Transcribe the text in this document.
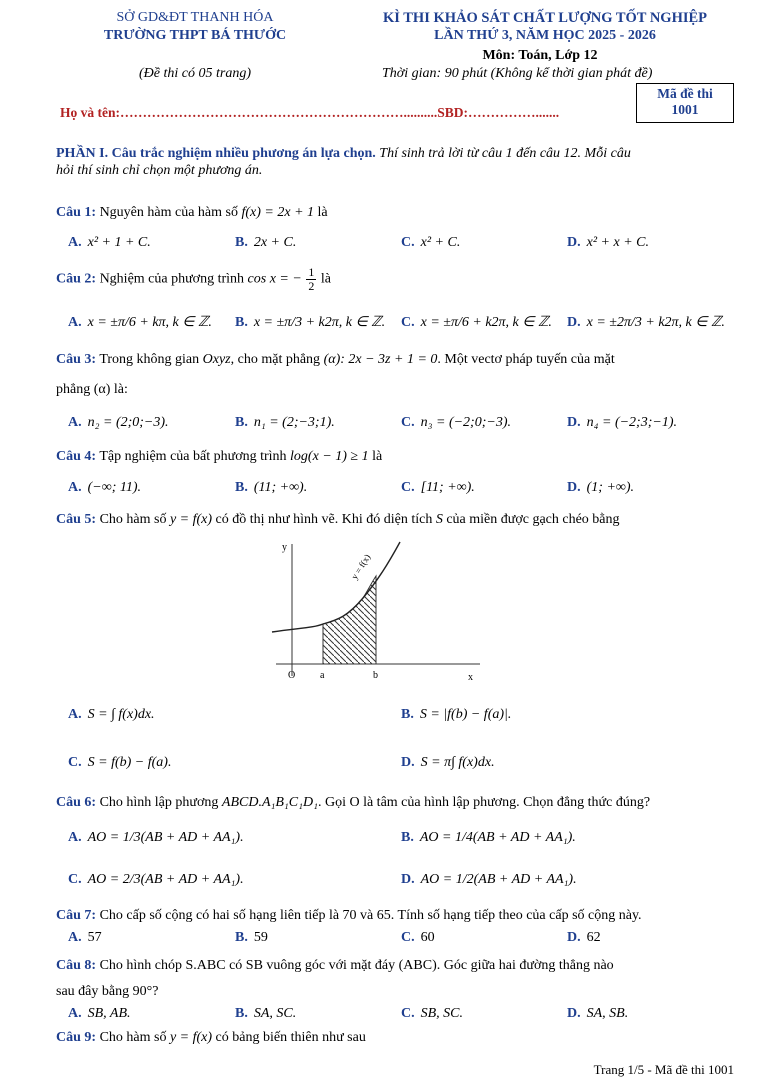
SỞ GD&ĐT THANH HÓA
TRƯỜNG THPT BÁ THƯỚC
(Đề thi có 05 trang)
KÌ THI KHẢO SÁT CHẤT LƯỢNG TỐT NGHIỆP
LẦN THỨ 3, NĂM HỌC 2025 - 2026
Môn: Toán, Lớp 12
Thời gian: 90 phút (Không kể thời gian phát đề)
Mã đề thi
1001
Họ và tên:………………………………………………………..........SBD:…………….......
PHẦN I. Câu trắc nghiệm nhiều phương án lựa chọn. Thí sinh trả lời từ câu 1 đến câu 12. Mỗi câu
hỏi thí sinh chỉ chọn một phương án.
Câu 1: Nguyên hàm của hàm số f(x) = 2x + 1 là
A. x² + 1 + C.	B. 2x + C.	C. x² + C.	D. x² + x + C.
Câu 2: Nghiệm của phương trình cos x = − $\frac{1}{2}$ là
A. x = ±π/6 + kπ, k ∈ ℤ. B. x = ±π/3 + k2π, k ∈ ℤ. C. x = ±π/6 + k2π, k ∈ ℤ. D. x = ±2π/3 + k2π, k ∈ ℤ.
Câu 3: Trong không gian Oxyz, cho mặt phẳng (α): 2x − 3z + 1 = 0. Một vectơ pháp tuyến của mặt
phẳng (α) là:
A. n₂ = (2;0;−3).	B. n₁ = (2;−3;1).	C. n₃ = (−2;0;−3).	D. n₄ = (−2;3;−1).
Câu 4: Tập nghiệm của bất phương trình log(x − 1) ≥ 1 là
A. (−∞; 11).	B. (11; +∞).	C. [11; +∞).	D. (1; +∞).
Câu 5: Cho hàm số y = f(x) có đồ thị như hình vẽ. Khi đó diện tích S của miền được gạch chéo bằng
y
x
O a	b
y = f(x)
A. S = ∫ f(x)dx.	B. S = |f(b) − f(a)|.
C. S = f(b) − f(a).	D. S = π∫ f(x)dx.
Câu 6: Cho hình lập phương ABCD.A₁B₁C₁D₁. Gọi O là tâm của hình lập phương. Chọn đẳng thức đúng?
A. AO = 1/3(AB + AD + AA₁).	B. AO = 1/4(AB + AD + AA₁).
C. AO = 2/3(AB + AD + AA₁).	D. AO = 1/2(AB + AD + AA₁).
Câu 7: Cho cấp số cộng có hai số hạng liên tiếp là 70 và 65. Tính số hạng tiếp theo của cấp số cộng này.
A. 57	B. 59	C. 60	D. 62
Câu 8: Cho hình chóp S.ABC có SB vuông góc với mặt đáy (ABC). Góc giữa hai đường thẳng nào
sau đây bằng 90°?
A. SB, AB.	B. SA, SC.	C. SB, SC.	D. SA, SB.
Câu 9: Cho hàm số y = f(x) có bảng biến thiên như sau
Trang 1/5 - Mã đề thi 1001
